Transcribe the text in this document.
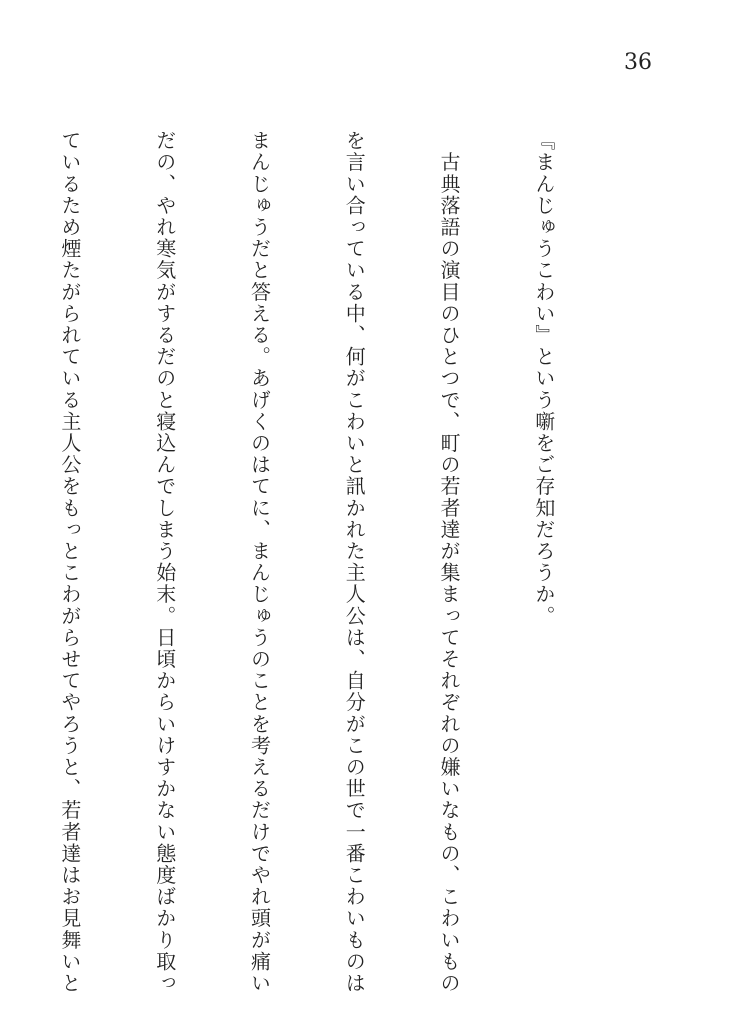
36

『まんじゅうこわい』という噺をご存知だろうか。

　古典落語の演目のひとつで、町の若者達が集まってそれぞれの嫌いなもの、こわいもの

を言い合っている中、何がこわいと訊かれた主人公は、自分がこの世で一番こわいものは

まんじゅうだと答える。あげくのはてに、まんじゅうのことを考えるだけでやれ頭が痛い

だの、やれ寒気がするだのと寝込んでしまう始末。日頃からいけすかない態度ばかり取っ

ているため煙たがられている主人公をもっとこわがらせてやろうと、若者達はお見舞いと
